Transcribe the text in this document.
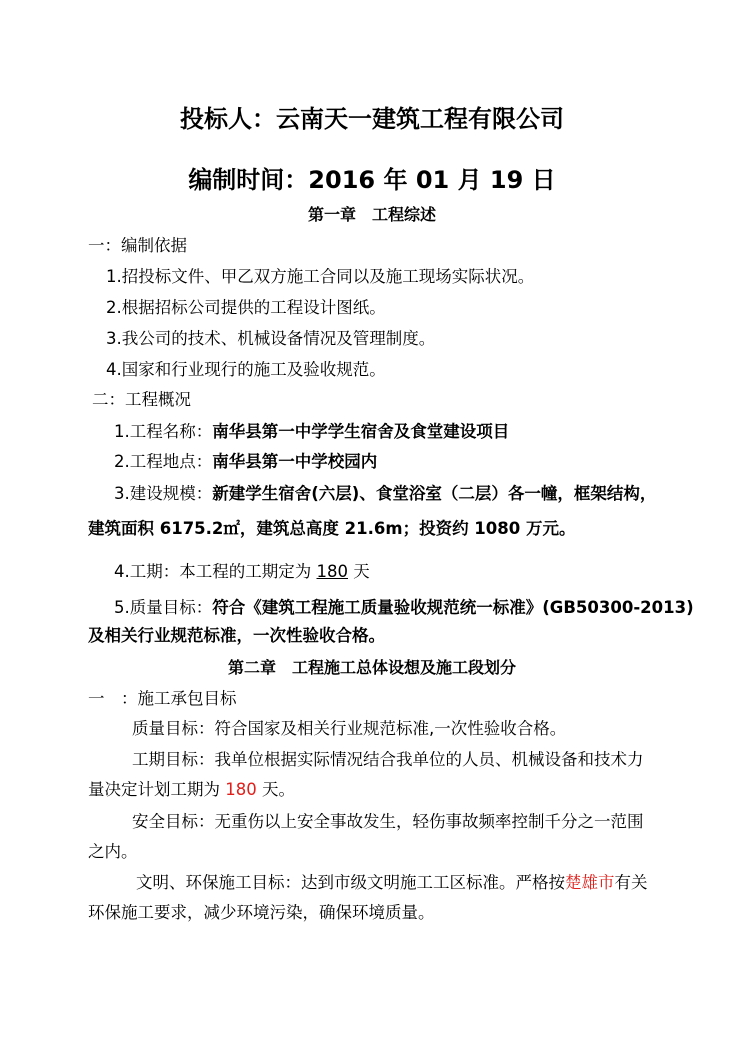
投标人：云南天一建筑工程有限公司
编制时间：2016 年 01 月 19 日
第一章　工程综述
一：编制依据
1.招投标文件、甲乙双方施工合同以及施工现场实际状况。
2.根据招标公司提供的工程设计图纸。
3.我公司的技术、机械设备情况及管理制度。
4.国家和行业现行的施工及验收规范。
二：工程概况
1.工程名称：南华县第一中学学生宿舍及食堂建设项目
2.工程地点：南华县第一中学校园内
3.建设规模：新建学生宿舍(六层)、食堂浴室（二层）各一幢，框架结构，
建筑面积 6175.2㎡，建筑总高度 21.6m；投资约 1080 万元。
4.工期：本工程的工期定为 180 天
5.质量目标：符合《建筑工程施工质量验收规范统一标准》(GB50300-2013)
及相关行业规范标准，一次性验收合格。
第二章　工程施工总体设想及施工段划分
一　：施工承包目标
质量目标：符合国家及相关行业规范标准,一次性验收合格。
工期目标：我单位根据实际情况结合我单位的人员、机械设备和技术力
量决定计划工期为 180 天。
安全目标：无重伤以上安全事故发生，轻伤事故频率控制千分之一范围
之内。
文明、环保施工目标：达到市级文明施工工区标准。严格按楚雄市有关
环保施工要求，减少环境污染，确保环境质量。
